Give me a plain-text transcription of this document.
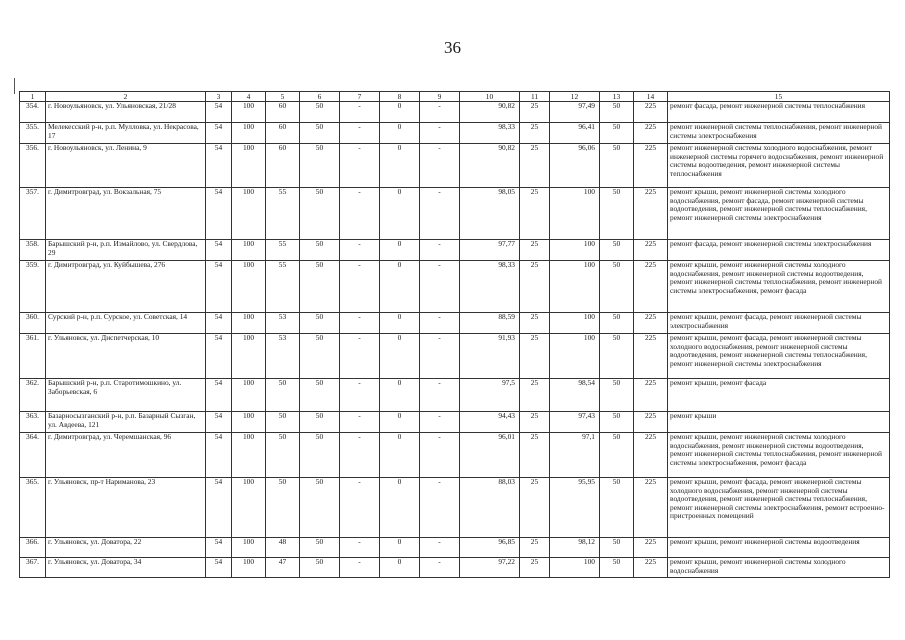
36
1	2	3	4	5	6	7	8	9	10	11	12	13	14	15
354.	г. Новоульяновск, ул. Ульяновская, 21/28	54	100	60	50	-	0	-	90,82	25	97,49	50	225	ремонт фасада, ремонт инженерной системы теплоснабжения
355.	Мелекесский р-н, р.п. Мулловка, ул. Некрасова, 17	54	100	60	50	-	0	-	98,33	25	96,41	50	225	ремонт инженерной системы теплоснабжения, ремонт инженерной системы электроснабжения
356.	г. Новоульяновск, ул. Ленина, 9	54	100	60	50	-	0	-	90,82	25	96,06	50	225	ремонт инженерной системы холодного водоснабжения, ремонт инженерной системы горячего водоснабжения, ремонт инженерной системы водоотведения, ремонт инженерной системы теплоснабжения
357.	г. Димитровград, ул. Вокзальная, 75	54	100	55	50	-	0	-	98,05	25	100	50	225	ремонт крыши, ремонт инженерной системы холодного водоснабжения, ремонт фасада, ремонт инженерной системы водоотведения, ремонт инженерной системы теплоснабжения, ремонт инженерной системы электроснабжения
358.	Барышский р-н, р.п. Измайлово, ул. Свердлова, 29	54	100	55	50	-	0	-	97,77	25	100	50	225	ремонт фасада, ремонт инженерной системы электроснабжения
359.	г. Димитровград, ул. Куйбышева, 276	54	100	55	50	-	0	-	98,33	25	100	50	225	ремонт крыши, ремонт инженерной системы холодного водоснабжения, ремонт инженерной системы водоотведения, ремонт инженерной системы теплоснабжения, ремонт инженерной системы электроснабжения, ремонт фасада
360.	Сурский р-н, р.п. Сурское, ул. Советская, 14	54	100	53	50	-	0	-	88,59	25	100	50	225	ремонт крыши, ремонт фасада, ремонт инженерной системы электроснабжения
361.	г. Ульяновск, ул. Диспетчерская, 10	54	100	53	50	-	0	-	91,93	25	100	50	225	ремонт крыши, ремонт фасада, ремонт инженерной системы холодного водоснабжения, ремонт инженерной системы водоотведения, ремонт инженерной системы теплоснабжения, ремонт инженерной системы электроснабжения
362.	Барышский р-н, р.п. Старотимошкино, ул. Заборьевская, 6	54	100	50	50	-	0	-	97,5	25	98,54	50	225	ремонт крыши, ремонт фасада
363.	Базарносызганский р-н, р.п. Базарный Сызган, ул. Авдеева, 121	54	100	50	50	-	0	-	94,43	25	97,43	50	225	ремонт крыши
364.	г. Димитровград, ул. Черемшанская, 96	54	100	50	50	-	0	-	96,01	25	97,1	50	225	ремонт крыши, ремонт инженерной системы холодного водоснабжения, ремонт инженерной системы водоотведения, ремонт инженерной системы теплоснабжения, ремонт инженерной системы электроснабжения, ремонт фасада
365.	г. Ульяновск, пр-т Нариманова, 23	54	100	50	50	-	0	-	88,03	25	95,95	50	225	ремонт крыши, ремонт фасада, ремонт инженерной системы холодного водоснабжения, ремонт инженерной системы водоотведения, ремонт инженерной системы теплоснабжения, ремонт инженерной системы электроснабжения, ремонт встроенно-пристроенных помещений
366.	г. Ульяновск, ул. Доватора, 22	54	100	48	50	-	0	-	96,85	25	98,12	50	225	ремонт крыши, ремонт инженерной системы водоотведения
367.	г. Ульяновск, ул. Доватора, 34	54	100	47	50	-	0	-	97,22	25	100	50	225	ремонт крыши, ремонт инженерной системы холодного водоснабжения
